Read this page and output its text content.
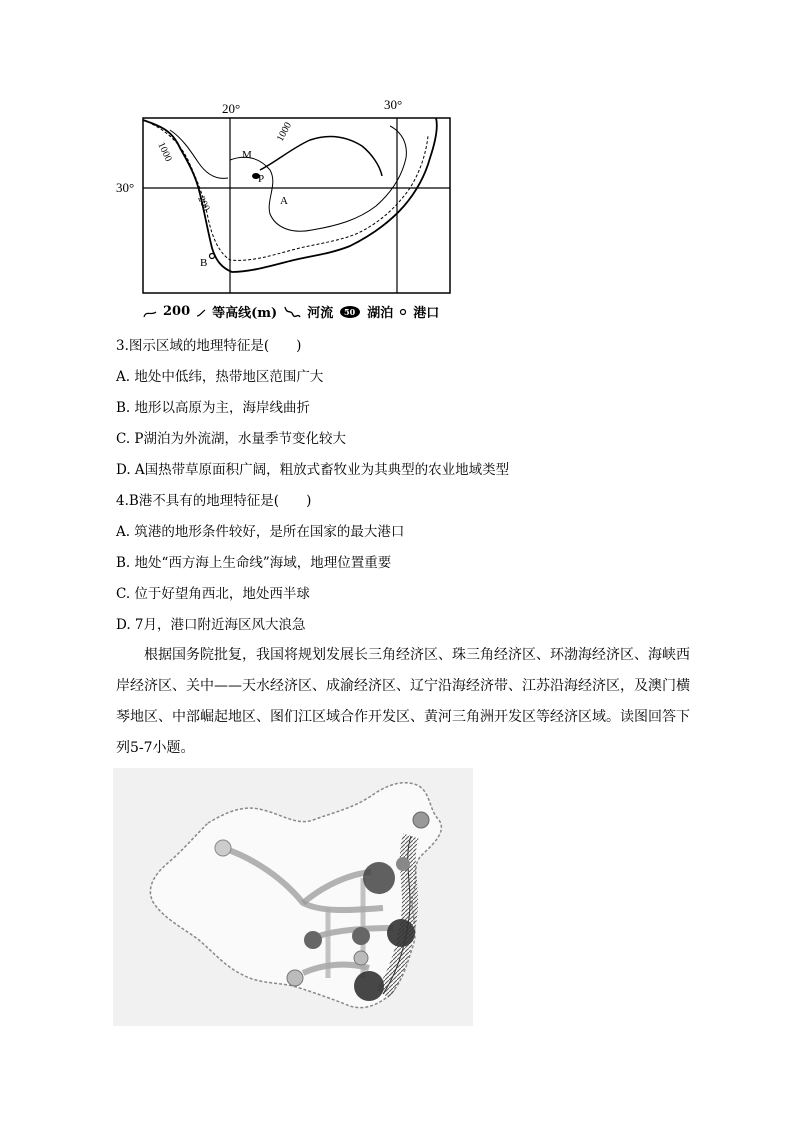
20°	30°
30°
1000
1000
200
M
P
A
B
200 等高线(m) 河流 50 湖泊 港口
3.图示区域的地理特征是(　　)
A. 地处中低纬，热带地区范围广大
B. 地形以高原为主，海岸线曲折
C. P湖泊为外流湖，水量季节变化较大
D. A国热带草原面积广阔，粗放式畜牧业为其典型的农业地域类型
4.B港不具有的地理特征是(　　)
A. 筑港的地形条件较好，是所在国家的最大港口
B. 地处“西方海上生命线”海域，地理位置重要
C. 位于好望角西北，地处西半球
D. 7月，港口附近海区风大浪急

根据国务院批复，我国将规划发展长三角经济区、珠三角经济区、环渤海经济区、海峡西岸经济区、关中——天水经济区、成渝经济区、辽宁沿海经济带、江苏沿海经济区，及澳门横琴地区、中部崛起地区、图们江区域合作开发区、黄河三角洲开发区等经济区域。读图回答下列5-7小题。
